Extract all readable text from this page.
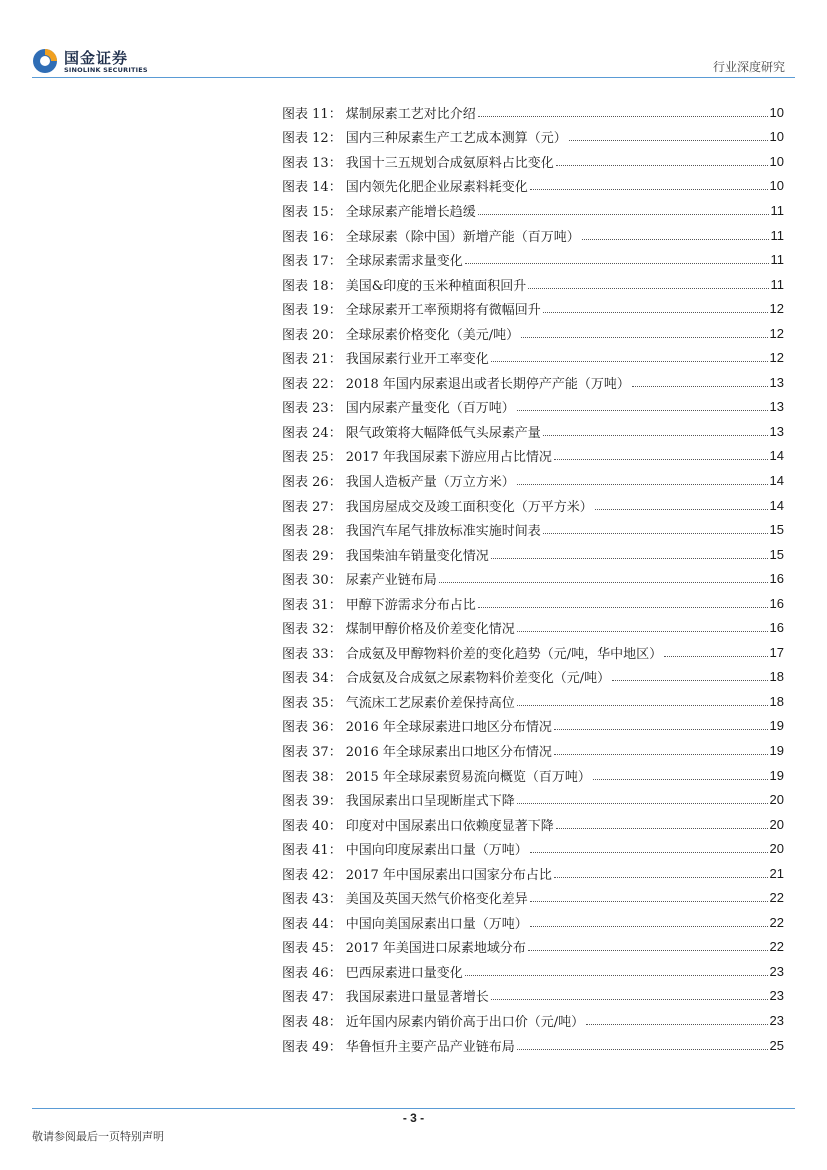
国金证券
SINOLINK SECURITIES	行业深度研究
图表 11 ： 煤制尿素工艺对比介绍	10
图表 12 ： 国内三种尿素生产工艺成本测算（元）	10
图表 13 ： 我国十三五规划合成氨原料占比变化	10
图表 14 ： 国内领先化肥企业尿素料耗变化	10
图表 15 ： 全球尿素产能增长趋缓	11
图表 16 ： 全球尿素（除中国）新增产能（百万吨）	11
图表 17 ： 全球尿素需求量变化	11
图表 18 ： 美国&印度的玉米种植面积回升	11
图表 19 ： 全球尿素开工率预期将有微幅回升	12
图表 20 ： 全球尿素价格变化（美元/吨）	12
图表 21 ： 我国尿素行业开工率变化	12
图表 22 ： 2018 年国内尿素退出或者长期停产产能（万吨）	13
图表 23 ： 国内尿素产量变化（百万吨）	13
图表 24 ： 限气政策将大幅降低气头尿素产量	13
图表 25 ： 2017 年我国尿素下游应用占比情况	14
图表 26 ： 我国人造板产量（万立方米）	14
图表 27 ： 我国房屋成交及竣工面积变化（万平方米）	14
图表 28 ： 我国汽车尾气排放标准实施时间表	15
图表 29 ： 我国柴油车销量变化情况	15
图表 30 ： 尿素产业链布局	16
图表 31 ： 甲醇下游需求分布占比	16
图表 32 ： 煤制甲醇价格及价差变化情况	16
图表 33 ： 合成氨及甲醇物料价差的变化趋势（元/吨，华中地区）	17
图表 34 ： 合成氨及合成氨之尿素物料价差变化（元/吨）	18
图表 35 ： 气流床工艺尿素价差保持高位	18
图表 36 ： 2016 年全球尿素进口地区分布情况	19
图表 37 ： 2016 年全球尿素出口地区分布情况	19
图表 38 ： 2015 年全球尿素贸易流向概览（百万吨）	19
图表 39 ： 我国尿素出口呈现断崖式下降	20
图表 40 ： 印度对中国尿素出口依赖度显著下降	20
图表 41 ： 中国向印度尿素出口量（万吨）	20
图表 42 ： 2017 年中国尿素出口国家分布占比	21
图表 43 ： 美国及英国天然气价格变化差异	22
图表 44 ： 中国向美国尿素出口量（万吨）	22
图表 45 ： 2017 年美国进口尿素地域分布	22
图表 46 ： 巴西尿素进口量变化	23
图表 47 ： 我国尿素进口量显著增长	23
图表 48 ： 近年国内尿素内销价高于出口价（元/吨）	23
图表 49 ： 华鲁恒升主要产品产业链布局	25
- 3 -
敬请参阅最后一页特别声明
